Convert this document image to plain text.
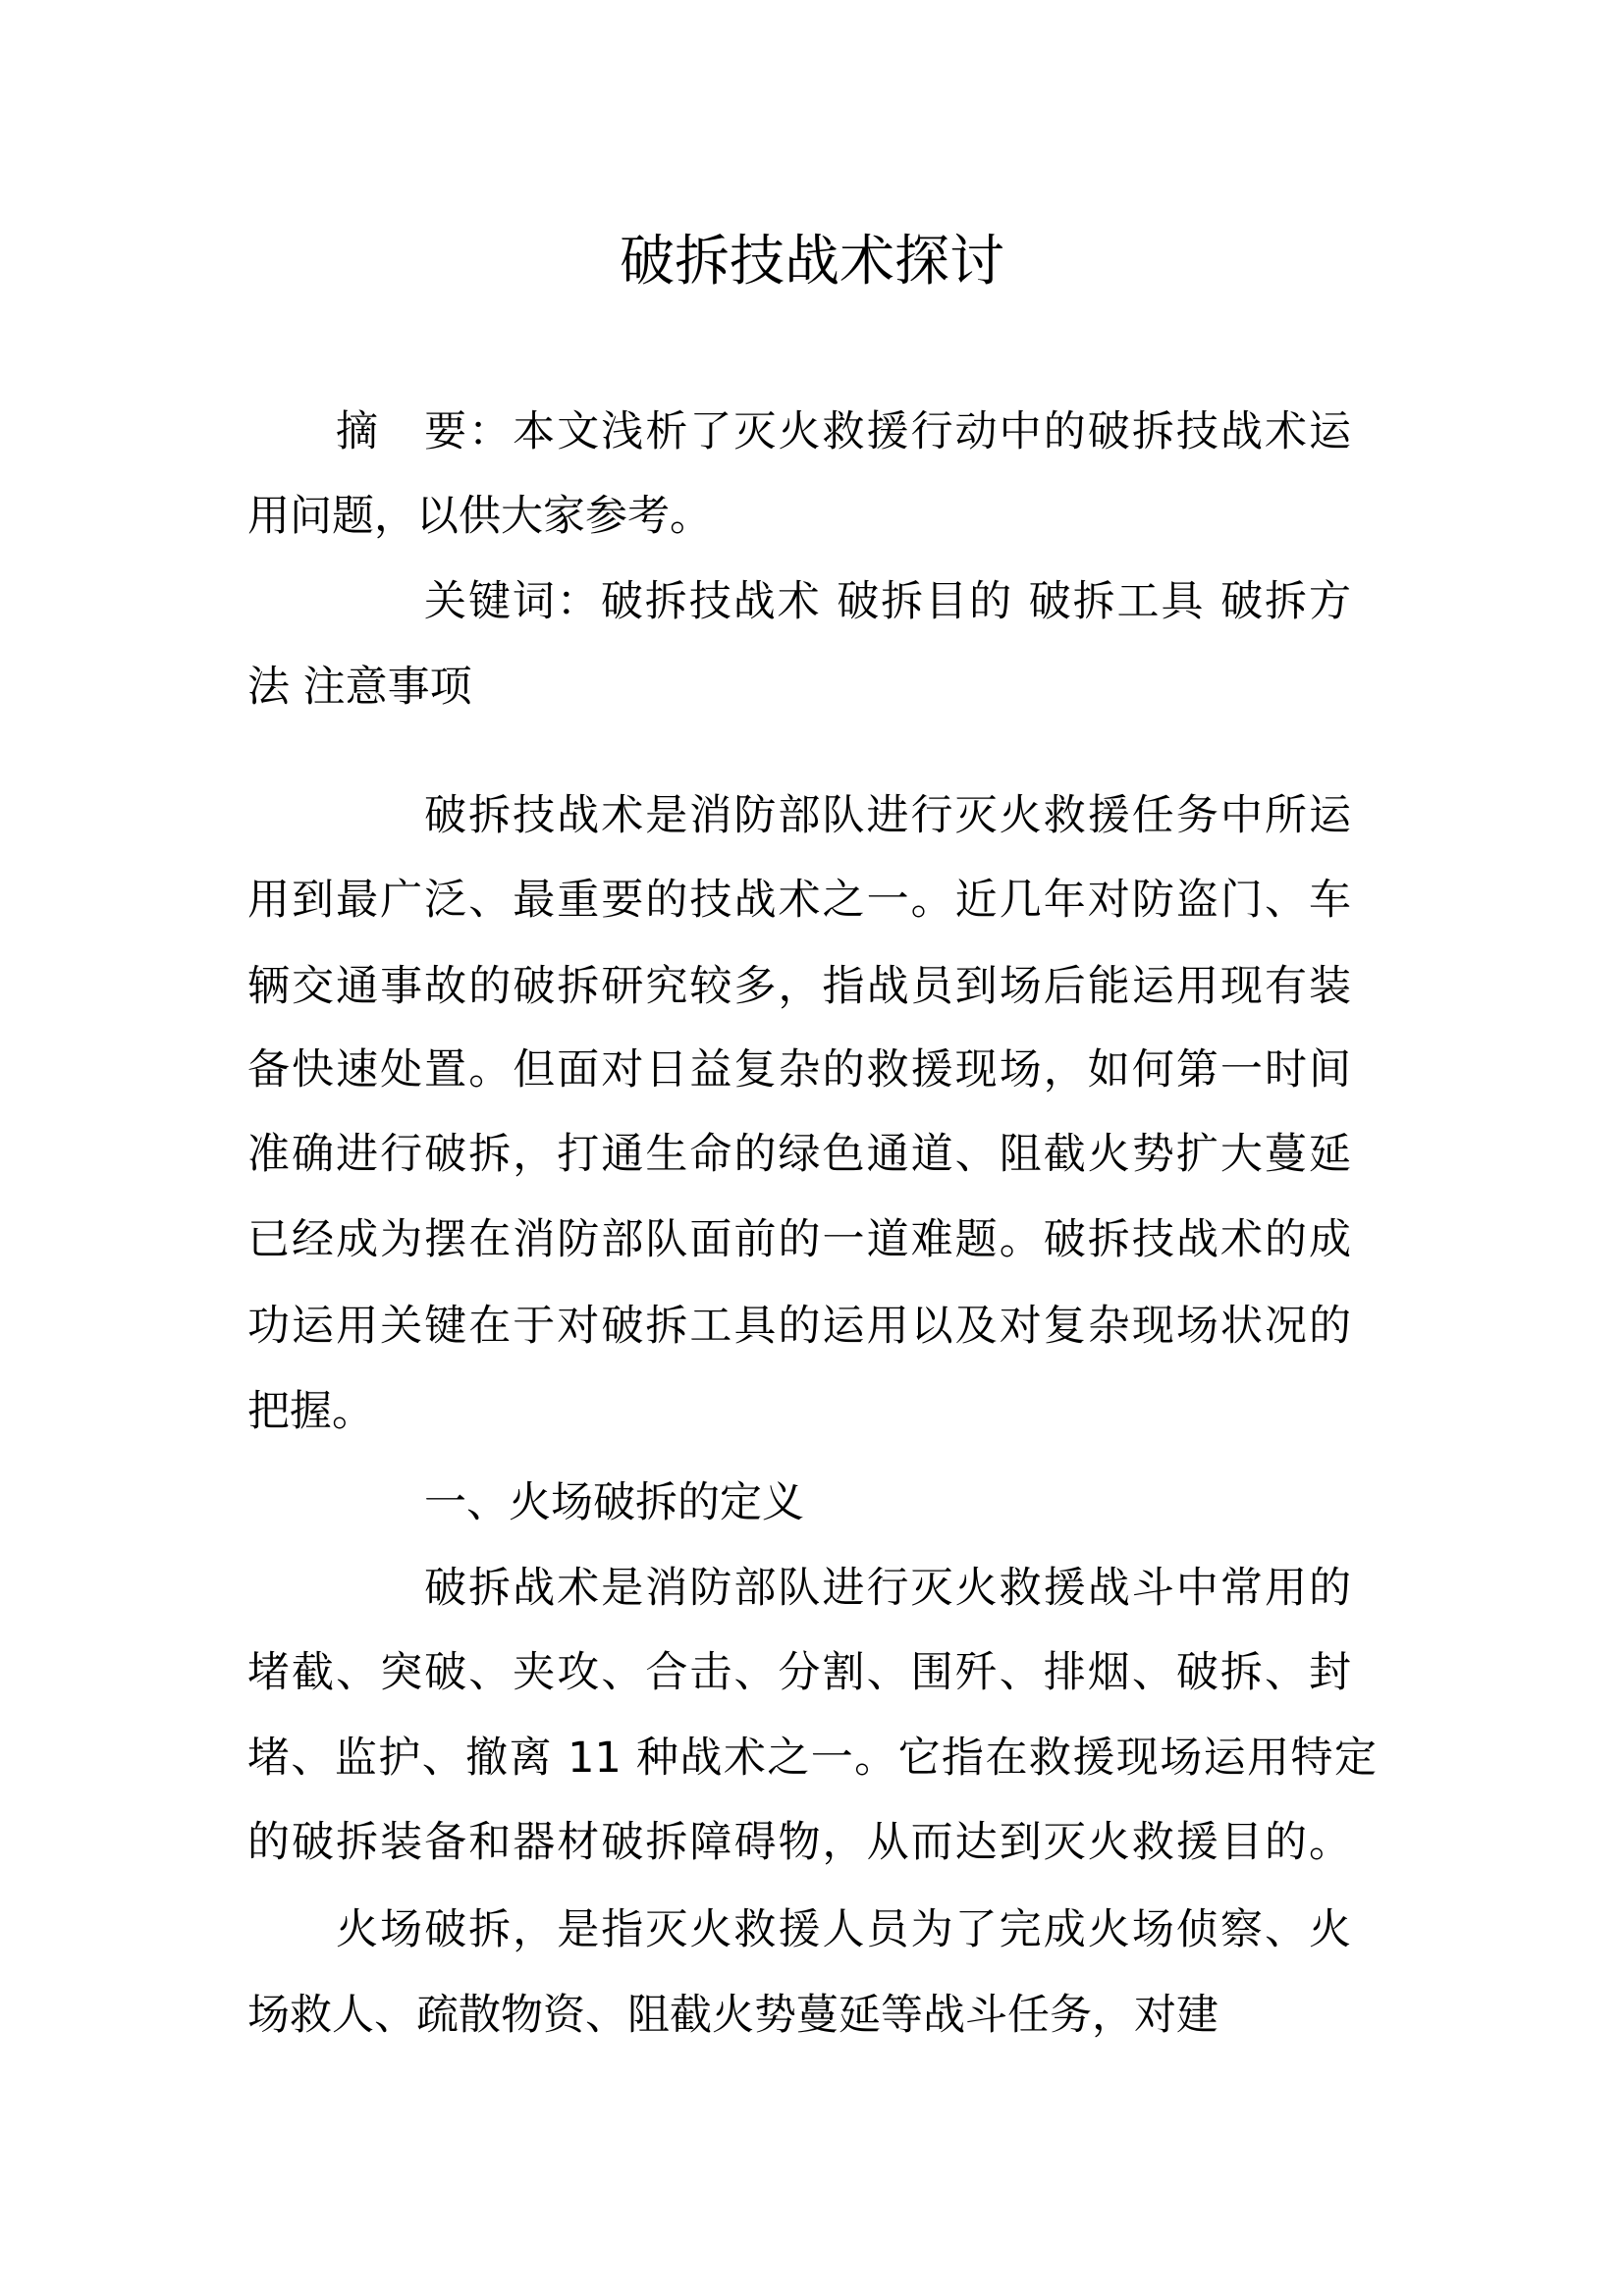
破拆技战术探讨
摘　要：本文浅析了灭火救援行动中的破拆技战术运
用问题，以供大家参考。
关键词：破拆技战术 破拆目的 破拆工具 破拆方
法 注意事项
破拆技战术是消防部队进行灭火救援任务中所运
用到最广泛、最重要的技战术之一。近几年对防盗门、车
辆交通事故的破拆研究较多，指战员到场后能运用现有装
备快速处置。但面对日益复杂的救援现场，如何第一时间
准确进行破拆，打通生命的绿色通道、阻截火势扩大蔓延
已经成为摆在消防部队面前的一道难题。破拆技战术的成
功运用关键在于对破拆工具的运用以及对复杂现场状况的
把握。
一、火场破拆的定义
破拆战术是消防部队进行灭火救援战斗中常用的
堵截、突破、夹攻、合击、分割、围歼、排烟、破拆、封
堵、监护、撤离 11 种战术之一。它指在救援现场运用特定
的破拆装备和器材破拆障碍物，从而达到灭火救援目的。
火场破拆，是指灭火救援人员为了完成火场侦察、火
场救人、疏散物资、阻截火势蔓延等战斗任务，对建
